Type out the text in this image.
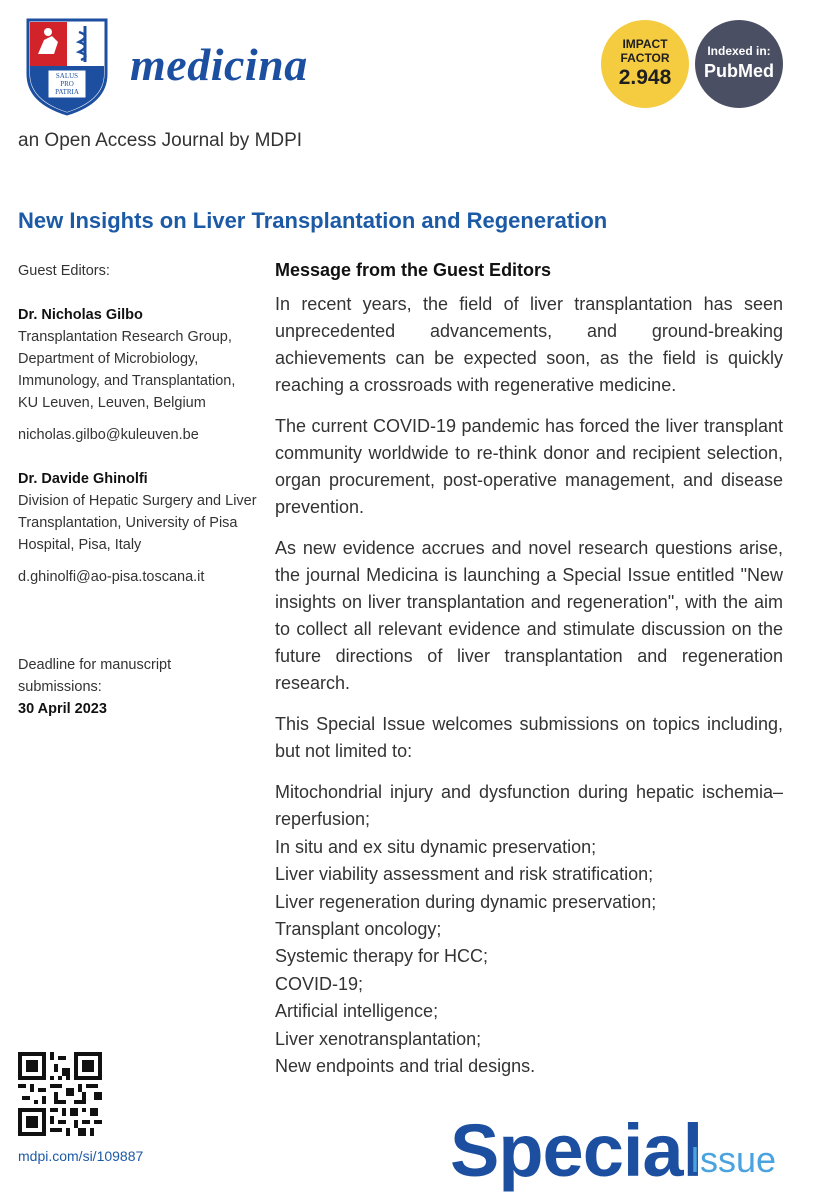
SALUS
PRO
PATRIA
medicina
an Open Access Journal by MDPI
IMPACT
FACTOR
2.948
Indexed in:
PubMed
New Insights on Liver Transplantation and Regeneration
Guest Editors:
Dr. Nicholas Gilbo
Transplantation Research Group, Department of Microbiology, Immunology, and Transplantation, KU Leuven, Leuven, Belgium
nicholas.gilbo@kuleuven.be
Dr. Davide Ghinolfi
Division of Hepatic Surgery and Liver Transplantation, University of Pisa Hospital, Pisa, Italy
d.ghinolfi@ao-pisa.toscana.it
Deadline for manuscript submissions:
30 April 2023
Message from the Guest Editors

In recent years, the field of liver transplantation has seen unprecedented advancements, and ground-breaking achievements can be expected soon, as the field is quickly reaching a crossroads with regenerative medicine.

The current COVID-19 pandemic has forced the liver transplant community worldwide to re-think donor and recipient selection, organ procurement, post-operative management, and disease prevention.

As new evidence accrues and novel research questions arise, the journal Medicina is launching a Special Issue entitled "New insights on liver transplantation and regeneration", with the aim to collect all relevant evidence and stimulate discussion on the future directions of liver transplantation and regeneration research.

This Special Issue welcomes submissions on topics including, but not limited to:

Mitochondrial injury and dysfunction during hepatic ischemia–reperfusion;
In situ and ex situ dynamic preservation;
Liver viability assessment and risk stratification;
Liver regeneration during dynamic preservation;
Transplant oncology;
Systemic therapy for HCC;
COVID-19;
Artificial intelligence;
Liver xenotransplantation;
New endpoints and trial designs.
mdpi.com/si/109887	Special
Issue
